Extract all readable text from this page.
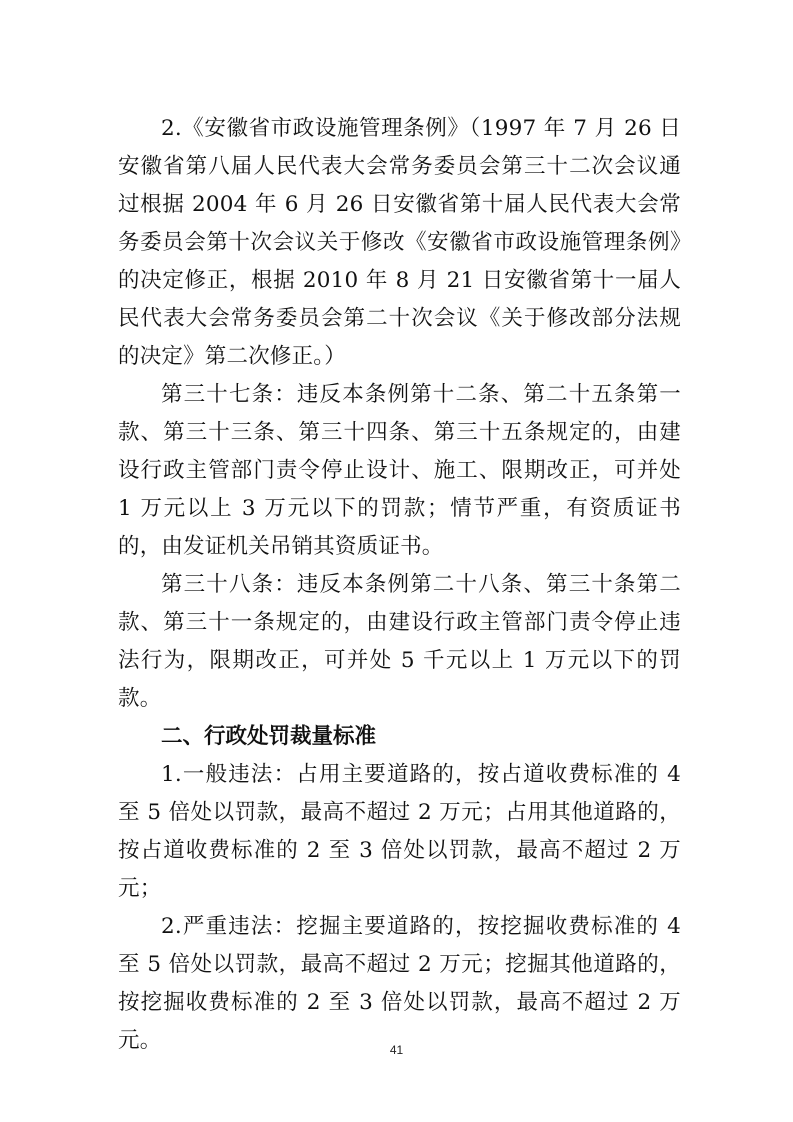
2.《安徽省市政设施管理条例》（1997 年 7 月 26 日安徽省第八届人民代表大会常务委员会第三十二次会议通过根据 2004 年 6 月 26 日安徽省第十届人民代表大会常务委员会第十次会议关于修改《安徽省市政设施管理条例》的决定修正，根据 2010 年 8 月 21 日安徽省第十一届人民代表大会常务委员会第二十次会议《关于修改部分法规的决定》第二次修正。）

第三十七条：违反本条例第十二条、第二十五条第一款、第三十三条、第三十四条、第三十五条规定的，由建设行政主管部门责令停止设计、施工、限期改正，可并处 1 万元以上 3 万元以下的罚款；情节严重，有资质证书的，由发证机关吊销其资质证书。

第三十八条：违反本条例第二十八条、第三十条第二款、第三十一条规定的，由建设行政主管部门责令停止违法行为，限期改正，可并处 5 千元以上 1 万元以下的罚款。

二、行政处罚裁量标准

1.一般违法：占用主要道路的，按占道收费标准的 4 至 5 倍处以罚款，最高不超过 2 万元；占用其他道路的，按占道收费标准的 2 至 3 倍处以罚款，最高不超过 2 万元；

2.严重违法：挖掘主要道路的，按挖掘收费标准的 4 至 5 倍处以罚款，最高不超过 2 万元；挖掘其他道路的，按挖掘收费标准的 2 至 3 倍处以罚款，最高不超过 2 万元。	41
